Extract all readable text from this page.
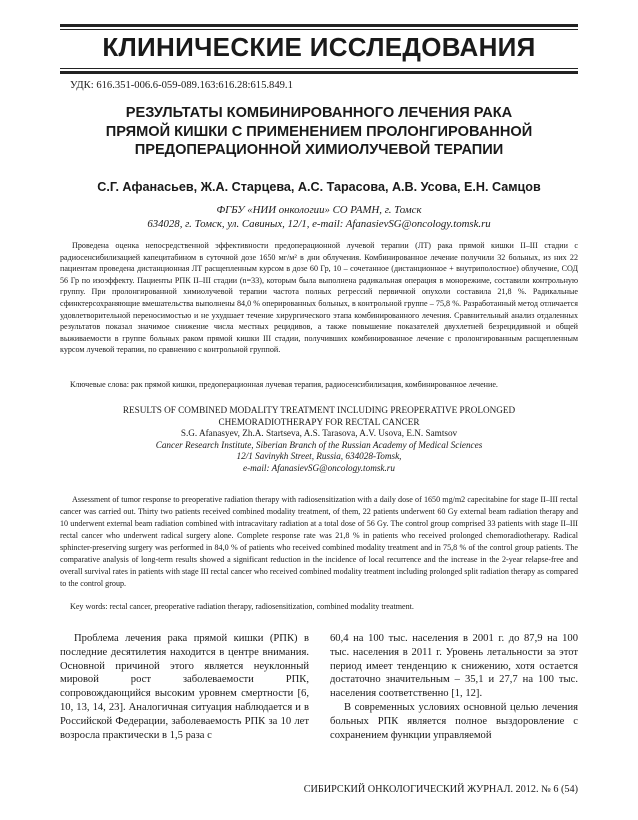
КЛИНИЧЕСКИЕ ИССЛЕДОВАНИЯ
УДК: 616.351-006.6-059-089.163:616.28:615.849.1
РЕЗУЛЬТАТЫ КОМБИНИРОВАННОГО ЛЕЧЕНИЯ РАКА
ПРЯМОЙ КИШКИ С ПРИМЕНЕНИЕМ ПРОЛОНГИРОВАННОЙ
ПРЕДОПЕРАЦИОННОЙ ХИМИОЛУЧЕВОЙ ТЕРАПИИ
С.Г. Афанасьев, Ж.А. Старцева, А.С. Тарасова, А.В. Усова, Е.Н. Самцов
ФГБУ «НИИ онкологии» СО РАМН, г. Томск
634028, г. Томск, ул. Савиных, 12/1, e-mail: AfanasievSG@oncology.tomsk.ru

Проведена оценка непосредственной эффективности предоперационной лучевой терапии (ЛТ) рака прямой кишки II–III стадии с радиосенсибилизацией капецитабином в суточной дозе 1650 мг/м² в дни облучения. Комбинированное лечение получили 32 больных, из них 22 пациентам проведена дистанционная ЛТ расщепленным курсом в дозе 60 Гр, 10 – сочетанное (дистанционное + внутриполостное) облучение, СОД 56 Гр по изоэффекту. Пациенты РПК II–III стадии (n=33), которым была выполнена радикальная операция в монорежиме, составили контрольную группу. При пролонгированной химиолучевой терапии частота полных регрессий первичной опухоли составила 21,8 %. Радикальные сфинктерсохраняющие вмешательства выполнены 84,0 % оперированных больных, в контрольной группе – 75,8 %. Разработанный метод отличается удовлетворительной переносимостью и не ухудшает течение хирургического этапа комбинированного лечения. Сравнительный анализ отдаленных результатов показал значимое снижение числа местных рецидивов, а также повышение показателей двухлетней безрецидивной и общей выживаемости в группе больных раком прямой кишки III стадии, получивших комбинированное лечение с пролонгированным расщепленным курсом лучевой терапии, по сравнению с контрольной группой.

Ключевые слова: рак прямой кишки, предоперационная лучевая терапия, радиосенсибилизация, комбинированное лечение.
RESULTS OF COMBINED MODALITY TREATMENT INCLUDING PREOPERATIVE PROLONGED
CHEMORADIOTHERAPY FOR RECTAL CANCER
S.G. Afanasyev, Zh.A. Startseva, A.S. Tarasova, A.V. Usova, E.N. Samtsov
Cancer Research Institute, Siberian Branch of the Russian Academy of Medical Sciences
12/1 Savinykh Street, Russia, 634028-Tomsk,
e-mail: AfanasievSG@oncology.tomsk.ru

Assessment of tumor response to preoperative radiation therapy with radiosensitization with a daily dose of 1650 mg/m2 capecitabine for stage II–III rectal cancer was carried out. Thirty two patients received combined modality treatment, of them, 22 patients underwent 60 Gy external beam radiation therapy and 10 underwent external beam radiation combined with intracavitary radiation at a total dose of 56 Gy. The control group comprised 33 patients with stage II–III rectal cancer who underwent radical surgery alone. Complete response rate was 21,8 % in patients who received prolonged chemoradiotherapy. Radical sphincter-preserving surgery was performed in 84,0 % of patients who received combined modality treatment and in 75,8 % of the control group patients. The comparative analysis of long-term results showed a significant reduction in the incidence of local recurrence and the increase in the 2-year relapse-free and overall survival rates in patients with stage III rectal cancer who received combined modality treatment including prolonged split radiation therapy as compared to the control group.

Key words: rectal cancer, preoperative radiation therapy, radiosensitization, combined modality treatment.

Проблема лечения рака прямой кишки (РПК) в последние десятилетия находится в центре внимания. Основной причиной этого является неуклонный мировой рост заболеваемости РПК, сопровождающийся высоким уровнем смертности [6, 10, 13, 14, 23]. Аналогичная ситуация наблюдается и в Российской Федерации, заболеваемость РПК за 10 лет возросла практически в 1,5 раза с

60,4 на 100 тыс. населения в 2001 г. до 87,9 на 100 тыс. населения в 2011 г. Уровень летальности за этот период имеет тенденцию к снижению, хотя остается достаточно значительным – 35,1 и 27,7 на 100 тыс. населения соответственно [1, 12].

В современных условиях основной целью лечения больных РПК является полное выздоровление с сохранением функции управляемой

СИБИРСКИЙ ОНКОЛОГИЧЕСКИЙ ЖУРНАЛ. 2012. № 6 (54)
